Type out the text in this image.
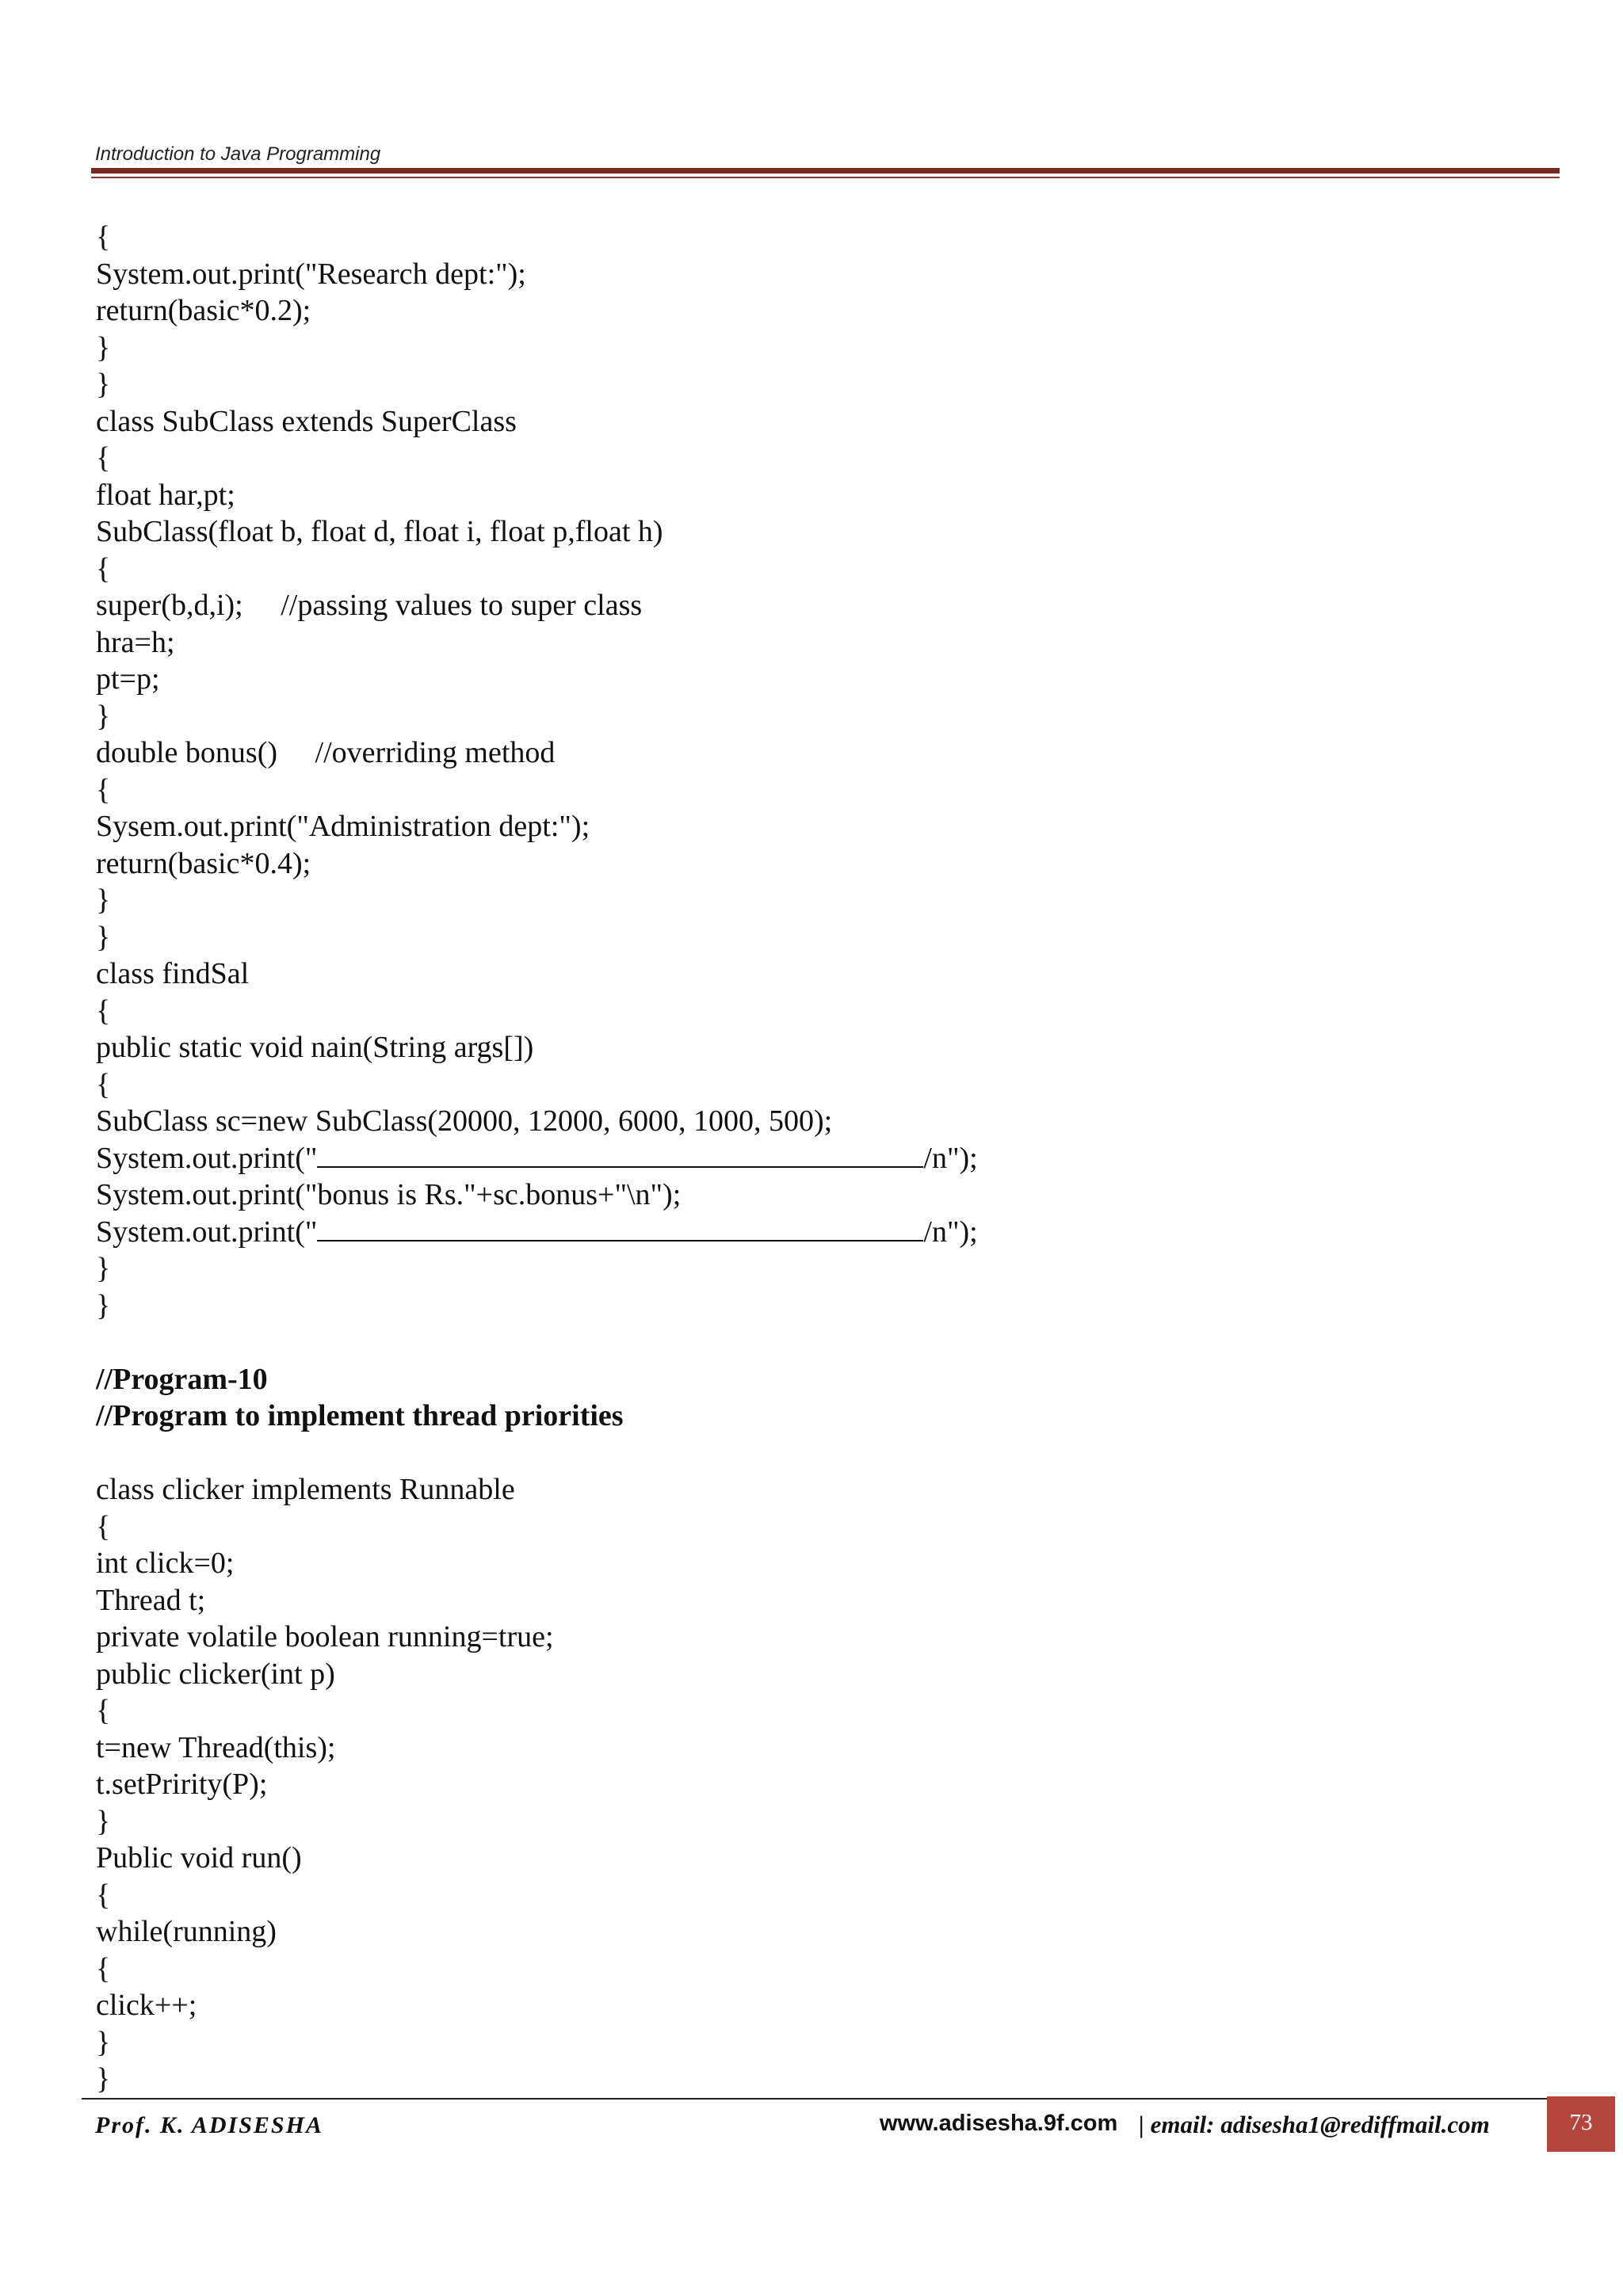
Introduction to Java Programming
{
System.out.print("Research dept:");
return(basic*0.2);
}
}
class SubClass extends SuperClass
{
float har,pt;
SubClass(float b, float d, float i, float p,float h)
{
super(b,d,i);     //passing values to super class
hra=h;
pt=p;
}
double bonus()     //overriding method
{
Sysem.out.print("Administration dept:");
return(basic*0.4);
}
}
class findSal
{
public static void nain(String args[])
{
SubClass sc=new SubClass(20000, 12000, 6000, 1000, 500);
System.out.print("	/n");
System.out.print("bonus is Rs."+sc.bonus+"\n");
System.out.print("	/n");
}
}
//Program-10
//Program to implement thread priorities
class clicker implements Runnable
{
int click=0;
Thread t;
private volatile boolean running=true;
public clicker(int p)
{
t=new Thread(this);
t.setPririty(P);
}
Public void run()
{
while(running)
{
click++;
}
}
Prof. K. ADISESHA	www.adisesha.9f.com | email: adisesha1@rediffmail.com	73
